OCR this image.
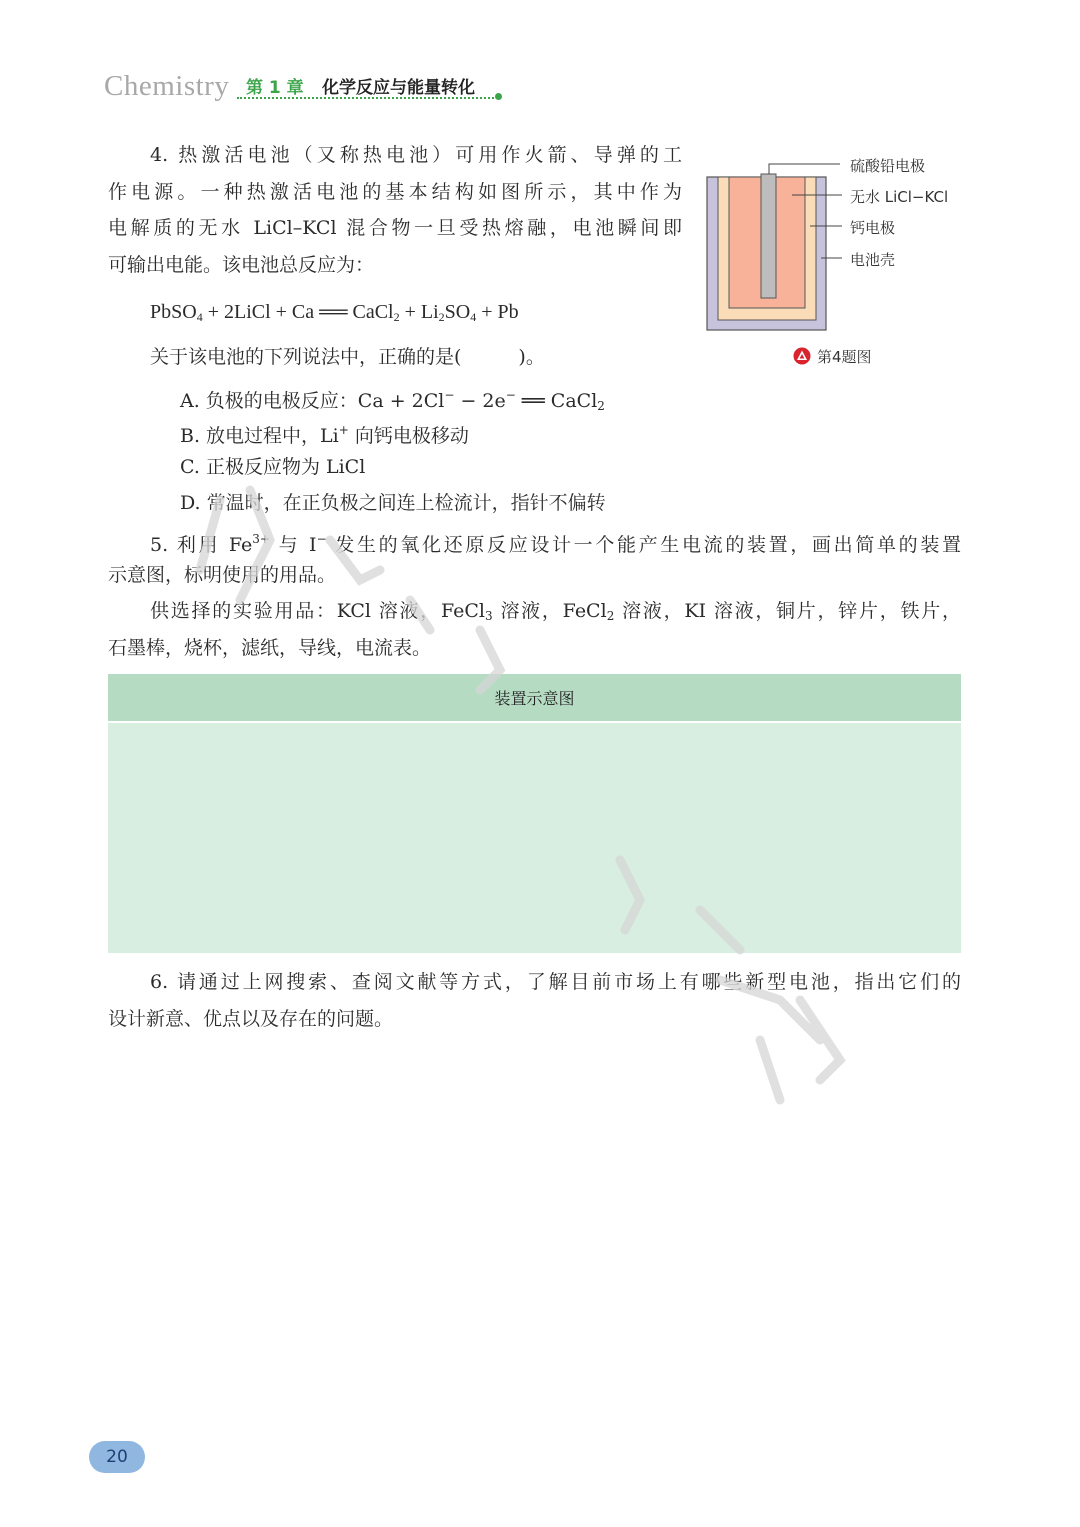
Chemistry 第 1 章 化学反应与能量转化
4. 热激活电池（又称热电池）可用作火箭、导弹的工
作电源。一种热激活电池的基本结构如图所示，其中作为
电解质的无水 LiCl–KCl 混合物一旦受热熔融，电池瞬间即
可输出电能。该电池总反应为：
PbSO$_4$ + 2LiCl + Ca ══ CaCl$_2$ + $Li_2SO_4 + Pb$
关于该电池的下列说法中，正确的是(　　　)。
A. 负极的电极反应：Ca + 2Cl− − 2e− ══ CaCl$_2$
B. 放电过程中，Li+ 向钙电极移动
C. 正极反应物为 LiCl
D. 常温时，在正负极之间连上检流计，指针不偏转
硫酸铅电极
无水 LiCl−KCl
钙电极
电池壳
第4题图
5. 利用 $Fe^{3+}$ 与 I− 发生的氧化还原反应设计一个能产生电流的装置，画出简单的装置
示意图，标明使用的用品。
供选择的实验用品：KCl 溶液，FeCl$_3$ 溶液，FeCl$_2$ 溶液，KI 溶液，铜片，锌片，铁片，
石墨棒，烧杯，滤纸，导线，电流表。
装置示意图
6. 请通过上网搜索、查阅文献等方式，了解目前市场上有哪些新型电池，指出它们的
设计新意、优点以及存在的问题。
20
